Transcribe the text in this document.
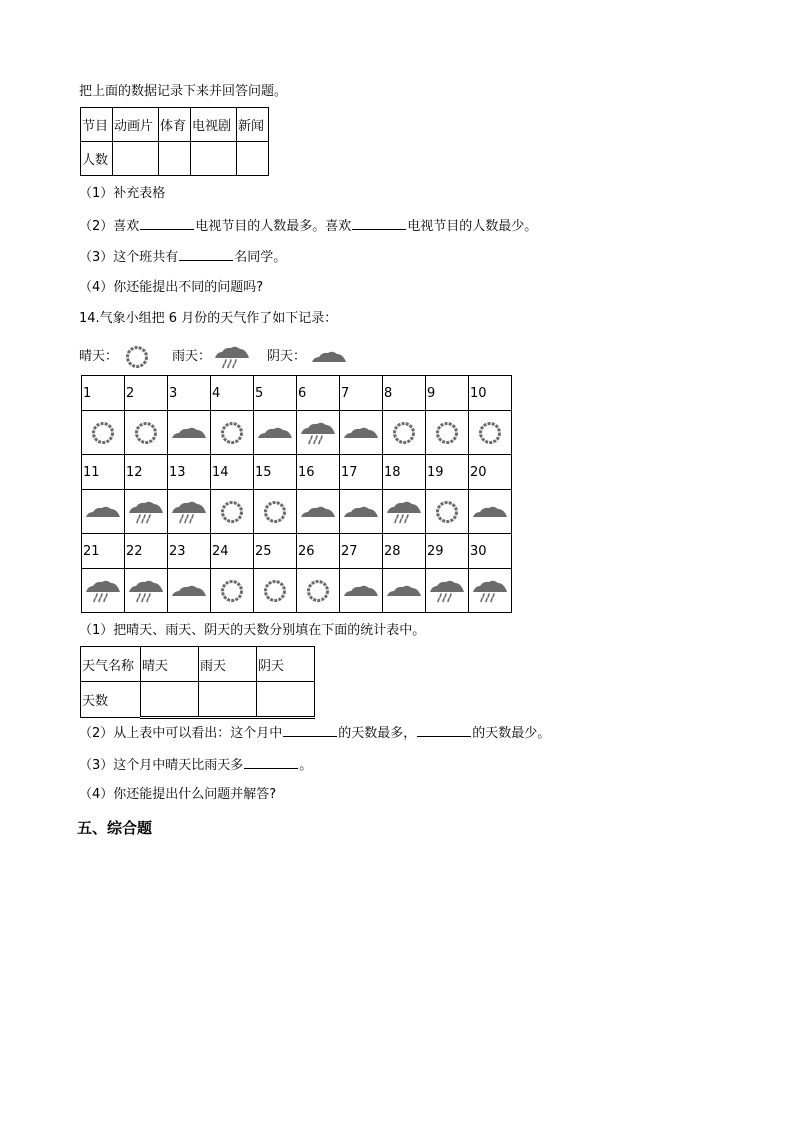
把上面的数据记录下来并回答问题。
节目	动画片	体育	电视剧	新闻
人数				
（1）补充表格
（2）喜欢	电视节目的人数最多。喜欢	电视节目的人数最少。
（3）这个班共有	名同学。
（4）你还能提出不同的问题吗?
14.气象小组把 6 月份的天气作了如下记录：
晴天：	雨天：	阴天：
1	2	3	4	5	6	7	8	9	10

11	12	13	14	15	16	17	18	19	20

21	22	23	24	25	26	27	28	29	30

（1）把晴天、雨天、阴天的天数分别填在下面的统计表中。
天气名称	晴天	雨天	阴天
天数			
（2）从上表中可以看出：这个月中	的天数最多，	的天数最少。
（3）这个月中晴天比雨天多	。
（4）你还能提出什么问题并解答?
五、综合题
